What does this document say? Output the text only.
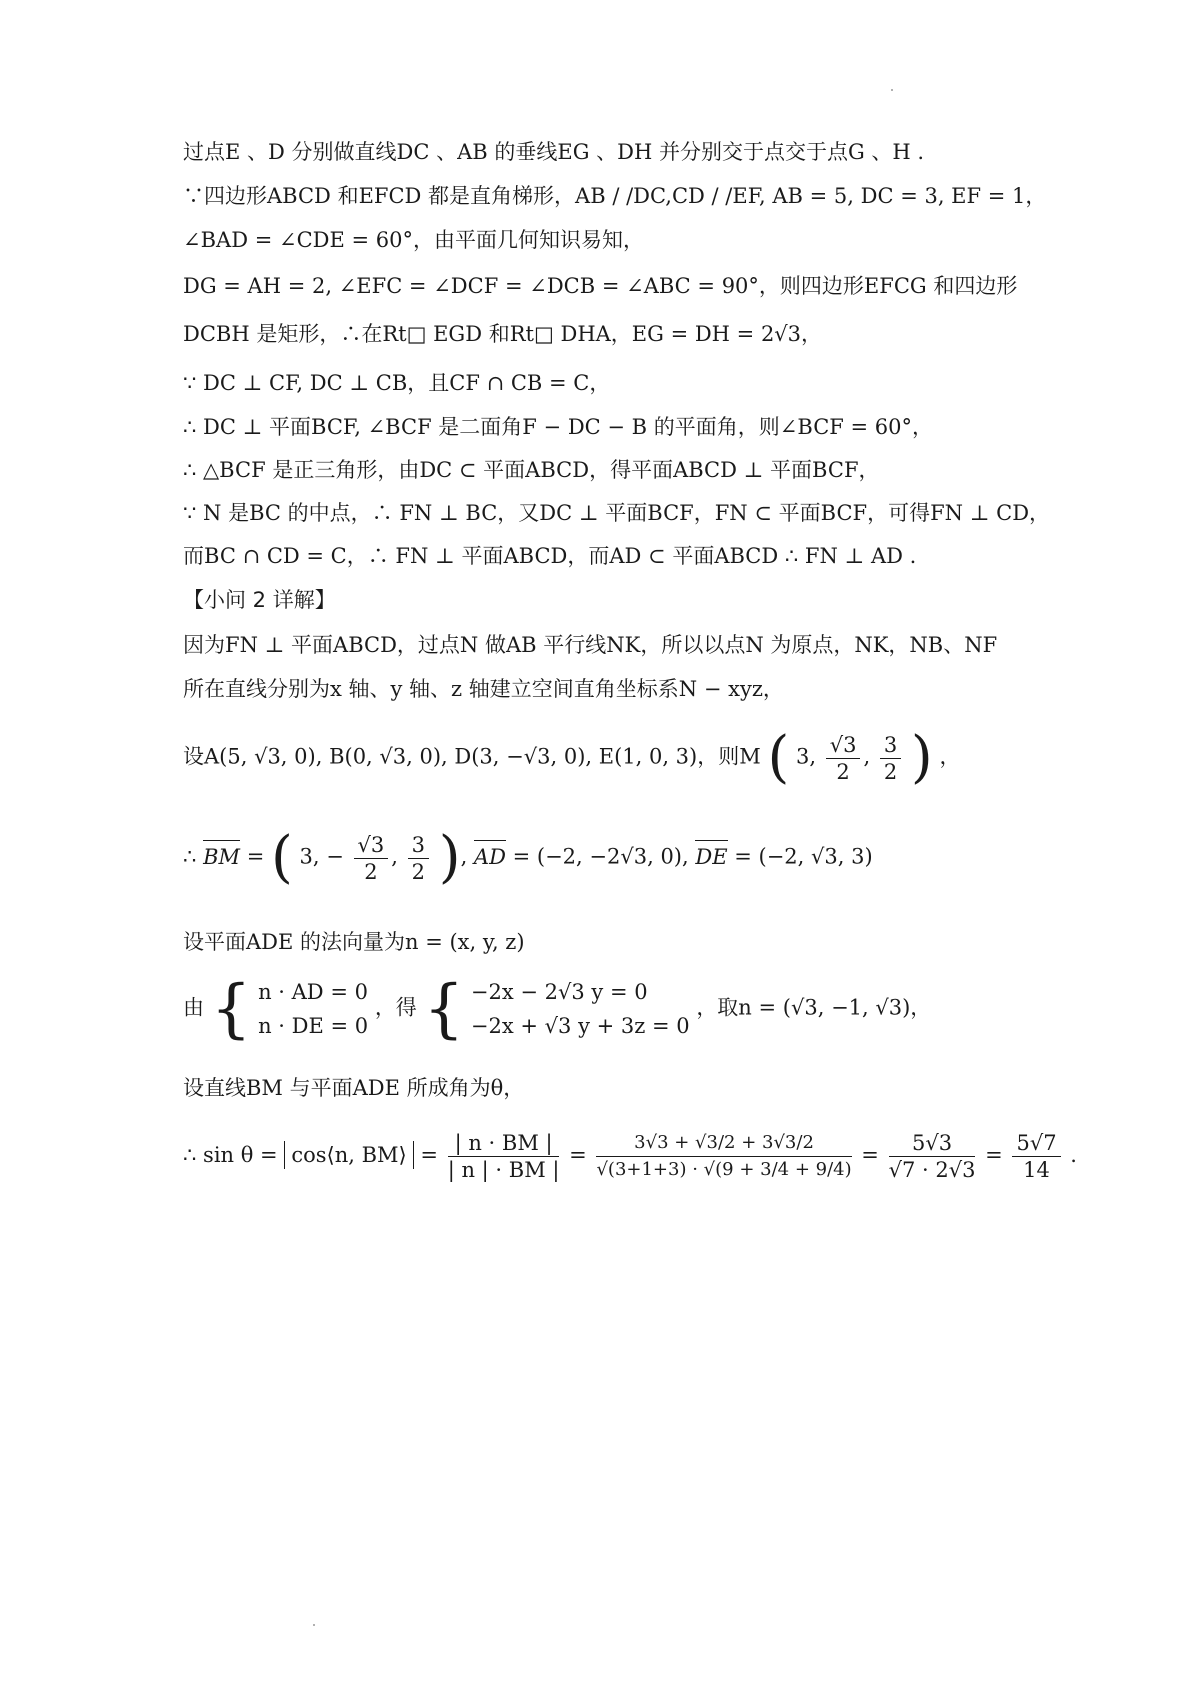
过点E 、D 分别做直线DC 、AB 的垂线EG 、DH 并分别交于点交于点G 、H .
∵四边形ABCD 和EFCD 都是直角梯形，AB / /DC,CD / /EF, AB = 5, DC = 3, EF = 1，
∠BAD = ∠CDE = 60°，由平面几何知识易知，
DG = AH = 2, ∠EFC = ∠DCF = ∠DCB = ∠ABC = 90°，则四边形EFCG 和四边形
DCBH 是矩形，∴在Rt□ EGD 和Rt□ DHA，EG = DH = 2√3，
∵ DC ⊥ CF, DC ⊥ CB，且CF ∩ CB = C，
∴ DC ⊥ 平面BCF, ∠BCF 是二面角F − DC − B 的平面角，则∠BCF = 60°，
∴ △BCF 是正三角形，由DC ⊂ 平面ABCD，得平面ABCD ⊥ 平面BCF，
∵ N 是BC 的中点，∴ FN ⊥ BC，又DC ⊥ 平面BCF，FN ⊂ 平面BCF，可得FN ⊥ CD，
而BC ∩ CD = C，∴ FN ⊥ 平面ABCD，而AD ⊂ 平面ABCD ∴ FN ⊥ AD .
【小问 2 详解】
因为FN ⊥ 平面ABCD，过点N 做AB 平行线NK，所以以点N 为原点，NK，NB、NF
所在直线分别为x 轴、y 轴、z 轴建立空间直角坐标系N − xyz，
设A(5, √3, 0), B(0, √3, 0), D(3, −√3, 0), E(1, 0, 3)，则M ( 3, $\frac{√3}{2}$ , $\frac{3}{2}$ ) ，
∴ BM = ( 3, − $\frac{√3}{2}$ , $\frac{3}{2}$ ), AD = (−2, −2√3, 0), DE = (−2, √3, 3)
设平面ADE 的法向量为n = (x, y, z)
由 { n · AD = 0
n · DE = 0
，得 { −2x − 2√3 y = 0
−2x + √3 y + 3z = 0
，取n = (√3, −1, √3)，
设直线BM 与平面ADE 所成角为θ，
∴ sin θ = cos⟨n, BM⟩ = $\frac{| n \cdot BM |}{| n | \cdot BM |} = \frac{3√3 + √3/2 + 3√3/2}{√(3+1+3) \cdot √(9 + 3/4 + 9/4)} = \frac{5√3}{√7 \cdot 2√3} = \frac{5√7}{14}$ .
